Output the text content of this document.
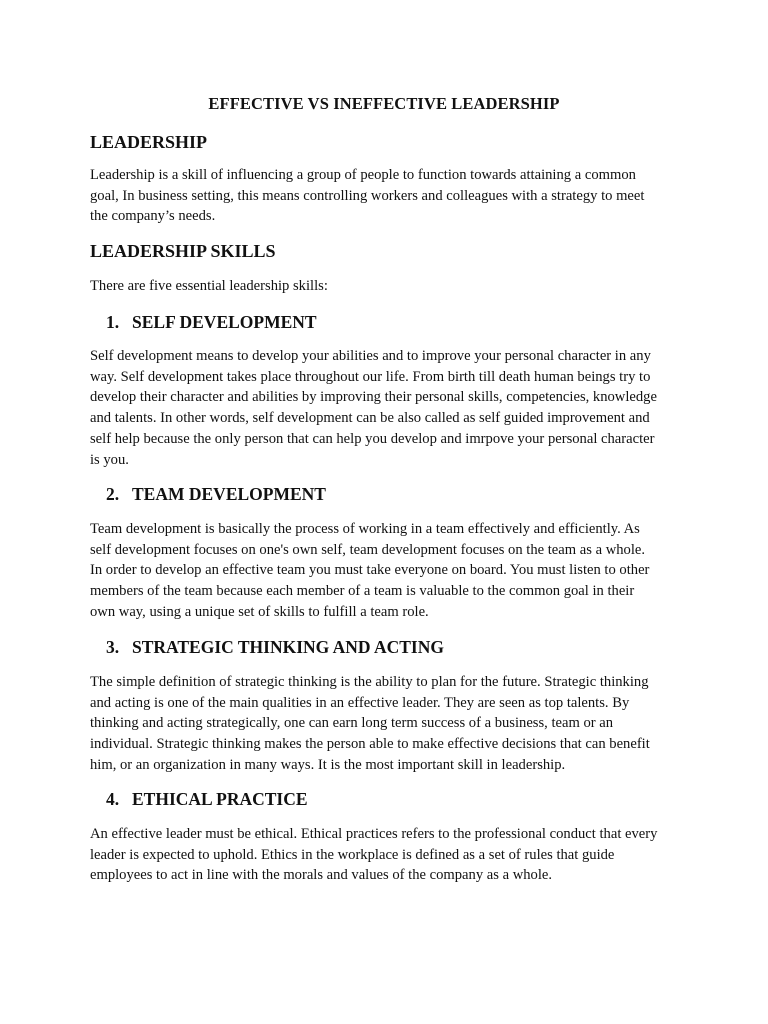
EFFECTIVE VS INEFFECTIVE LEADERSHIP
LEADERSHIP
Leadership is a skill of influencing a group of people to function towards attaining a common
goal, In business setting, this means controlling workers and colleagues with a strategy to meet
the company’s needs.
LEADERSHIP SKILLS
There are five essential leadership skills:
1. SELF DEVELOPMENT
Self development means to develop your abilities and to improve your personal character in any
way. Self development takes place throughout our life. From birth till death human beings try to
develop their character and abilities by improving their personal skills, competencies, knowledge
and talents. In other words, self development can be also called as self guided improvement and
self help because the only person that can help you develop and imrpove your personal character
is you.
2. TEAM DEVELOPMENT
Team development is basically the process of working in a team effectively and efficiently. As
self development focuses on one's own self, team development focuses on the team as a whole.
In order to develop an effective team you must take everyone on board. You must listen to other
members of the team because each member of a team is valuable to the common goal in their
own way, using a unique set of skills to fulfill a team role.
3. STRATEGIC THINKING AND ACTING
The simple definition of strategic thinking is the ability to plan for the future. Strategic thinking
and acting is one of the main qualities in an effective leader. They are seen as top talents. By
thinking and acting strategically, one can earn long term success of a business, team or an
individual. Strategic thinking makes the person able to make effective decisions that can benefit
him, or an organization in many ways. It is the most important skill in leadership.
4. ETHICAL PRACTICE
An effective leader must be ethical. Ethical practices refers to the professional conduct that every
leader is expected to uphold. Ethics in the workplace is defined as a set of rules that guide
employees to act in line with the morals and values of the company as a whole.
